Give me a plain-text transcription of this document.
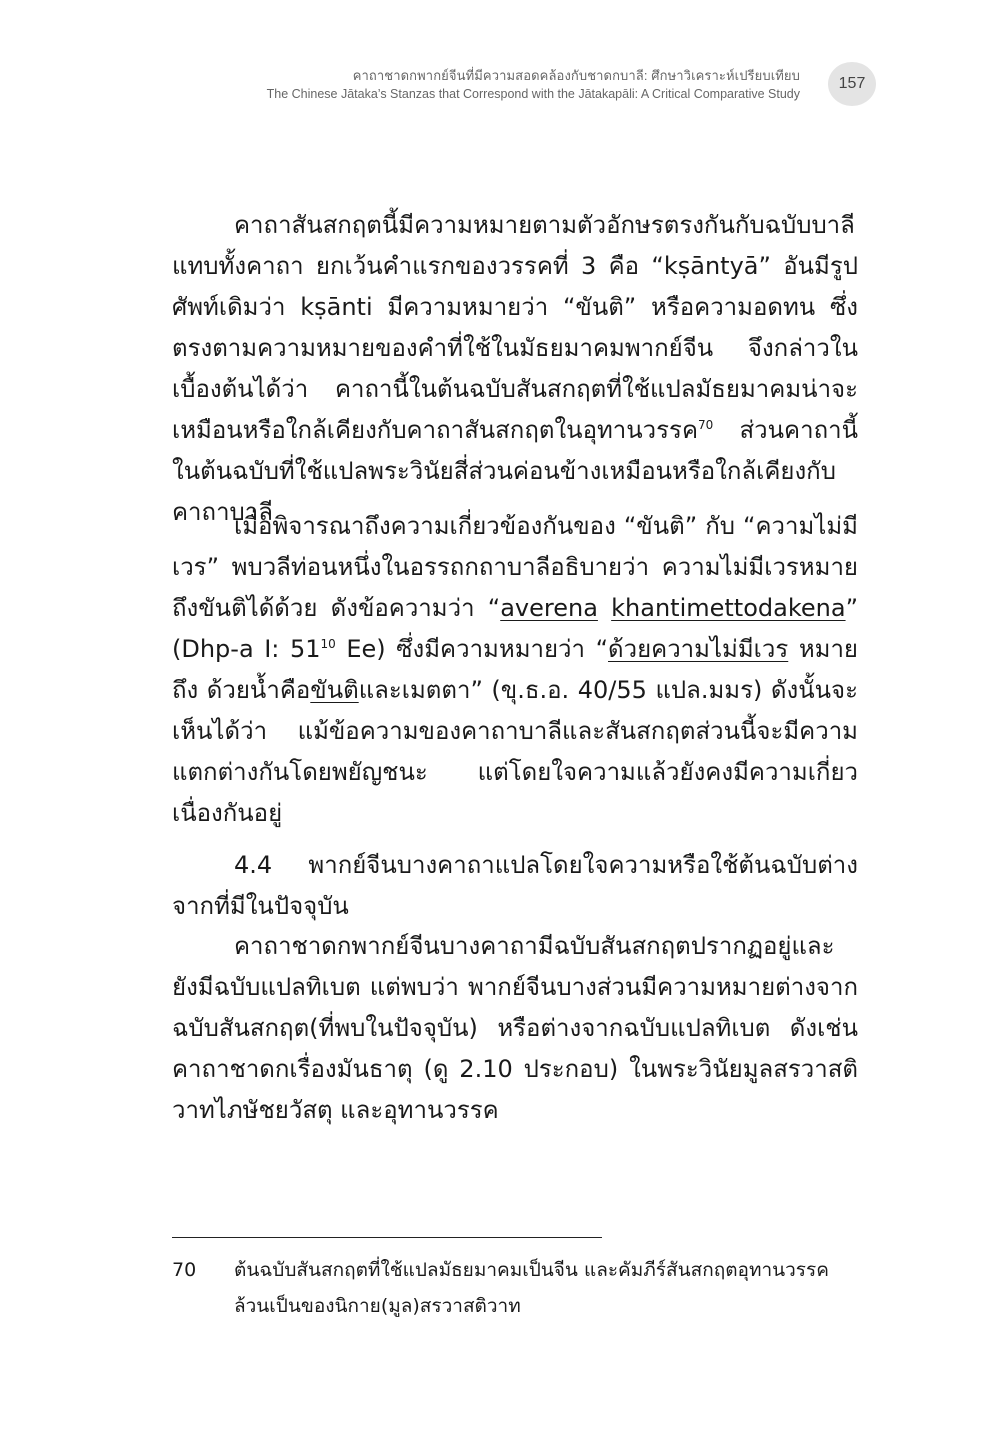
คาถาชาดกพากย์จีนที่มีความสอดคล้องกับชาดกบาลี: ศึกษาวิเคราะห์เปรียบเทียบ
The Chinese Jātaka’s Stanzas that Correspond with the Jātakapāli: A Critical Comparative Study
157

คาถาสันสกฤตนี้มีความหมายตามตัวอักษรตรงกันกับฉบับบาลีแทบทั้งคาถา ยกเว้นคำแรกของวรรคที่ 3 คือ “kṣāntyā” อันมีรูปศัพท์เดิมว่า kṣānti มีความหมายว่า “ขันติ” หรือความอดทน ซึ่งตรงตามความหมายของคำที่ใช้ในมัธยมาคมพากย์จีน จึงกล่าวในเบื้องต้นได้ว่า คาถานี้ในต้นฉบับสันสกฤตที่ใช้แปลมัธยมาคมน่าจะเหมือนหรือใกล้เคียงกับคาถาสันสกฤตในอุทานวรรค$^{70}$ ส่วนคาถานี้ในต้นฉบับที่ใช้แปลพระวินัยสี่ส่วนค่อนข้างเหมือนหรือใกล้เคียงกับคาถาบาลี

เมื่อพิจารณาถึงความเกี่ยวข้องกันของ “ขันติ” กับ “ความไม่มีเวร” พบวลีท่อนหนึ่งในอรรถกถาบาลีอธิบายว่า ความไม่มีเวรหมายถึงขันติได้ด้วย ดังข้อความว่า “averena khantimettodakena” (Dhp-a I: 51$^{10}$ Ee) ซึ่งมีความหมายว่า “ด้วยความไม่มีเวร หมายถึง ด้วยน้ำคือขันติและเมตตา” (ขุ.ธ.อ. 40/55 แปล.มมร) ดังนั้นจะเห็นได้ว่า แม้ข้อความของคาถาบาลีและสันสกฤตส่วนนี้จะมีความแตกต่างกันโดยพยัญชนะ แต่โดยใจความแล้วยังคงมีความเกี่ยวเนื่องกันอยู่

4.4 พากย์จีนบางคาถาแปลโดยใจความหรือใช้ต้นฉบับต่างจากที่มีในปัจจุบัน

คาถาชาดกพากย์จีนบางคาถามีฉบับสันสกฤตปรากฏอยู่และยังมีฉบับแปลทิเบต แต่พบว่า พากย์จีนบางส่วนมีความหมายต่างจากฉบับสันสกฤต(ที่พบในปัจจุบัน) หรือต่างจากฉบับแปลทิเบต ดังเช่นคาถาชาดกเรื่องมันธาตุ (ดู 2.10 ประกอบ) ในพระวินัยมูลสรวาสติวาทไภษัชยวัสตุ และอุทานวรรค

70 ต้นฉบับสันสกฤตที่ใช้แปลมัธยมาคมเป็นจีน และคัมภีร์สันสกฤตอุทานวรรคล้วนเป็นของนิกาย(มูล)สรวาสติวาท
